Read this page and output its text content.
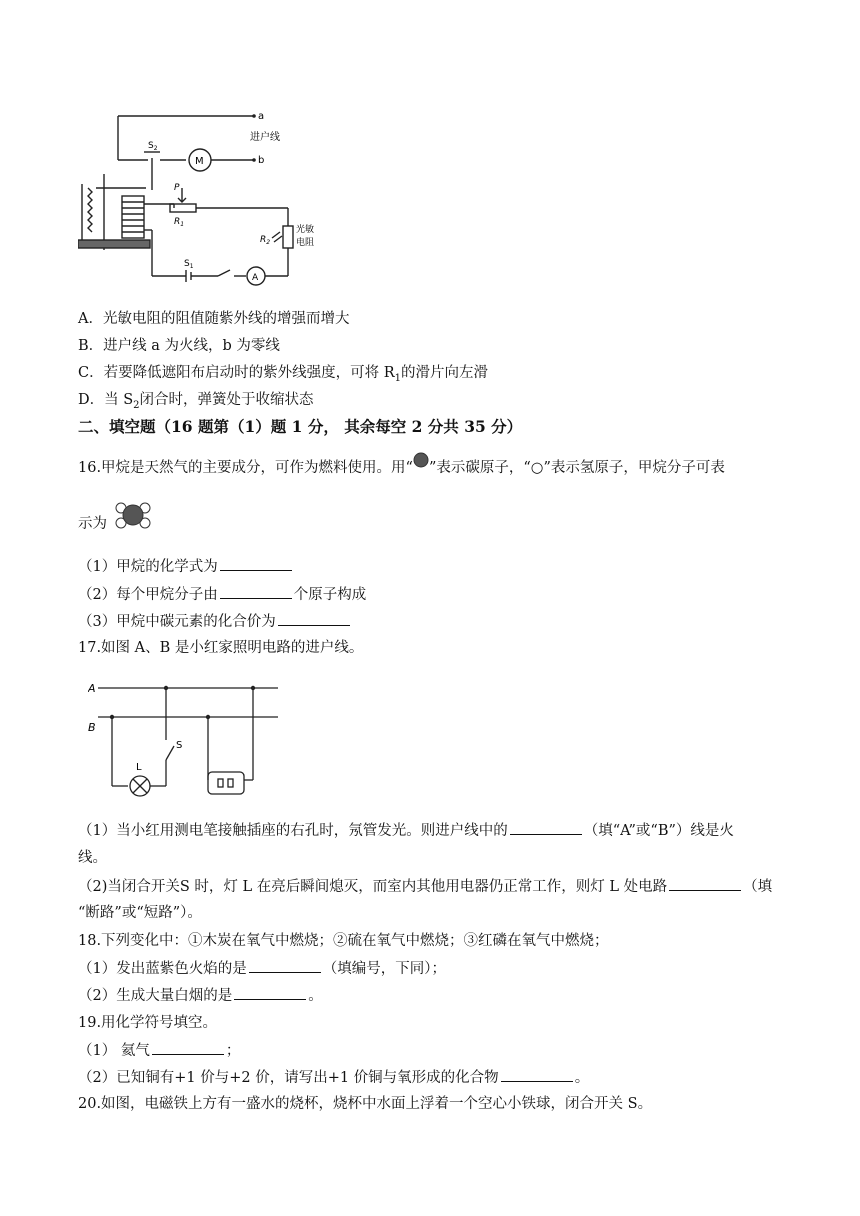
a
b
进户线
$S_2$
M
P
$R_1$
$R_2$
光敏
电阻
$S_1$
A
A．光敏电阻的阻值随紫外线的增强而增大
B．进户线 a 为火线，b 为零线
C．若要降低遮阳布启动时的紫外线强度，可将 $R_1$的滑片向左滑
D．当 $S_2$闭合时，弹簧处于收缩状态
二、填空题（16 题第（1）题 1 分， 其余每空 2 分共 35 分）
16.甲烷是天然气的主要成分，可作为燃料使用。用“ ”表示碳原子，“○”表示氢原子，甲烷分子可表
示为
（1）甲烷的化学式为
（2）每个甲烷分子由	个原子构成
（3）甲烷中碳元素的化合价为
17.如图 A、B 是小红家照明电路的进户线。
A
B
L
S
（1）当小红用测电笔接触插座的右孔时，氖管发光。则进户线中的	（填“A”或“B”）线是火
线。
（2)当闭合开关S 时，灯 L 在亮后瞬间熄灭，而室内其他用电器仍正常工作，则灯 L 处电路	（填
“断路”或“短路”）。
18.下列变化中：①木炭在氧气中燃烧；②硫在氧气中燃烧；③红磷在氧气中燃烧；
（1）发出蓝紫色火焰的是	（填编号，下同）；
（2）生成大量白烟的是	。
19.用化学符号填空。
（1） 氦气	；
（2）已知铜有+1 价与+2 价，请写出+1 价铜与氧形成的化合物	。
20.如图，电磁铁上方有一盛水的烧杯，烧杯中水面上浮着一个空心小铁球，闭合开关 S。
